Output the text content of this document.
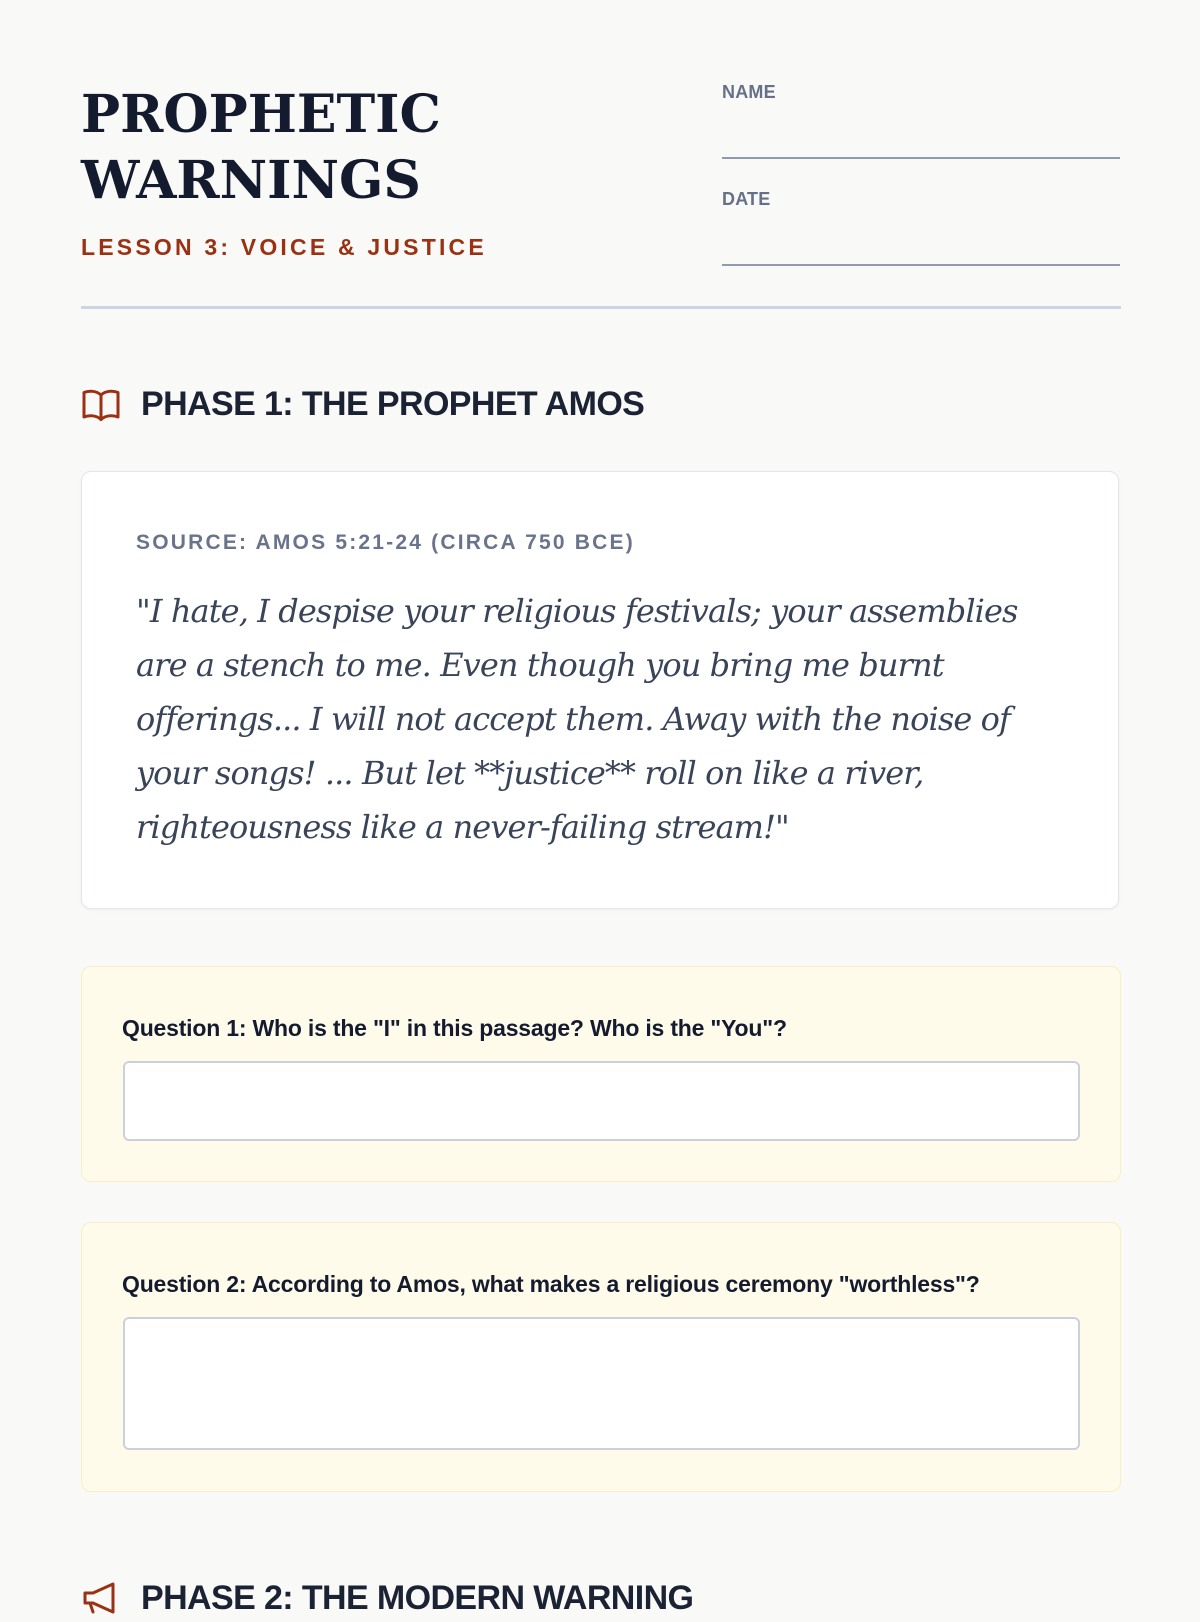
PROPHETIC
WARNINGS
LESSON 3: VOICE & JUSTICE
NAME
DATE
PHASE 1: THE PROPHET AMOS
SOURCE: AMOS 5:21-24 (CIRCA 750 BCE)

"I hate, I despise your religious festivals; your assemblies are a stench to me. Even though you bring me burnt offerings... I will not accept them. Away with the noise of your songs! ... But let **justice** roll on like a river, righteousness like a never-failing stream!"

Question 1: Who is the "I" in this passage? Who is the "You"?
Question 2: According to Amos, what makes a religious ceremony "worthless"?
PHASE 2: THE MODERN WARNING
